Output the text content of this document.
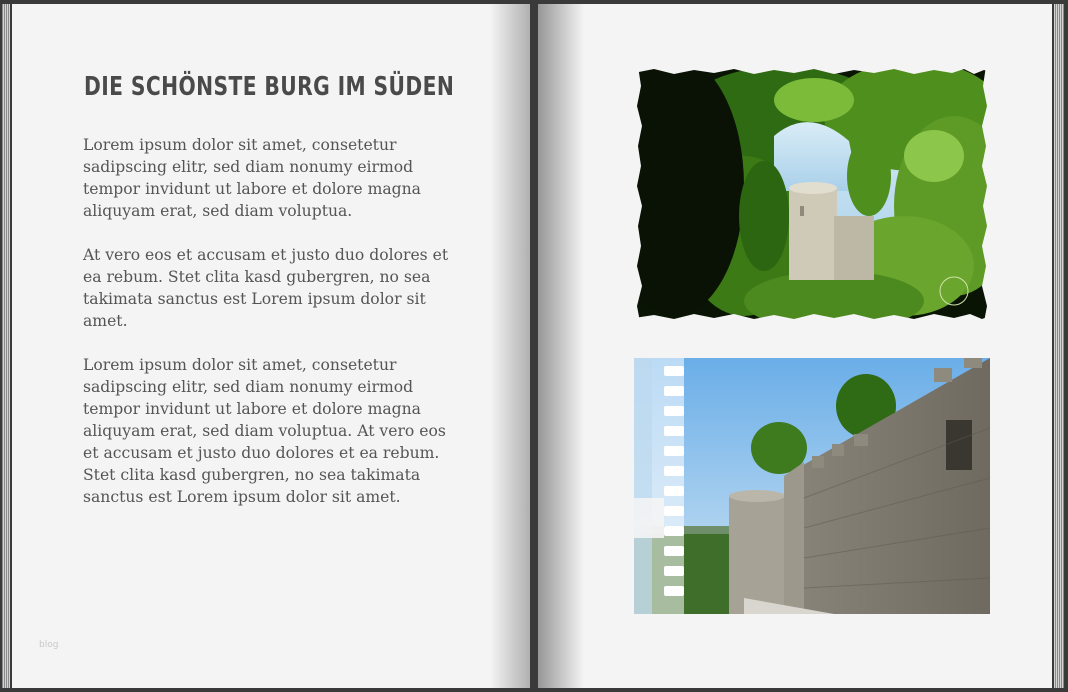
DIE SCHÖNSTE BURG IM SÜDEN

Lorem ipsum dolor sit amet, consetetur sadipscing elitr, sed diam nonumy eirmod tempor invidunt ut labore et dolore magna aliquyam erat, sed diam voluptua.

At vero eos et accusam et justo duo dolores et ea rebum. Stet clita kasd gubergren, no sea takimata sanctus est Lorem ipsum dolor sit amet.

Lorem ipsum dolor sit amet, consetetur sadipscing elitr, sed diam nonumy eirmod tempor invidunt ut labore et dolore magna aliquyam erat, sed diam voluptua. At vero eos et accusam et justo duo dolores et ea rebum. Stet clita kasd gubergren, no sea takimata sanctus est Lorem ipsum dolor sit amet.

blog
